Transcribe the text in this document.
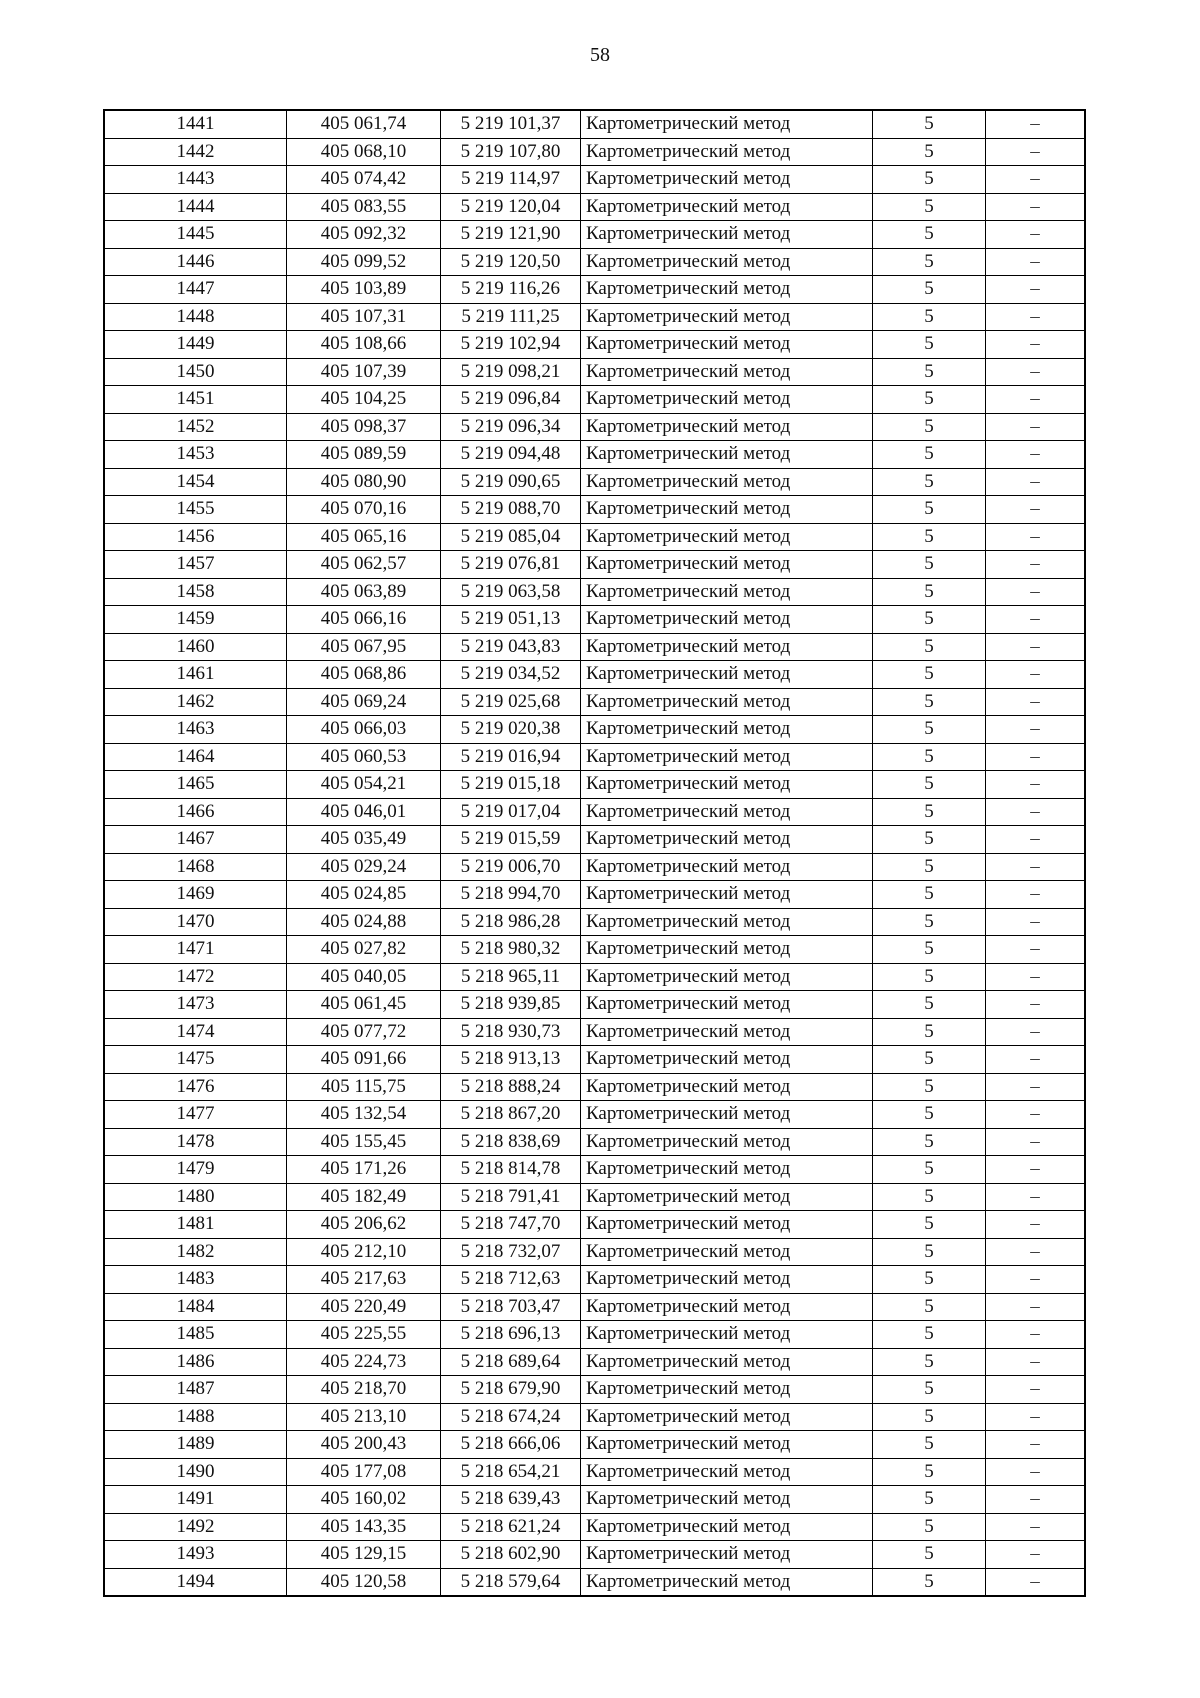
58
1441	405 061,74	5 219 101,37	Картометрический метод	5	–
1442	405 068,10	5 219 107,80	Картометрический метод	5	–
1443	405 074,42	5 219 114,97	Картометрический метод	5	–
1444	405 083,55	5 219 120,04	Картометрический метод	5	–
1445	405 092,32	5 219 121,90	Картометрический метод	5	–
1446	405 099,52	5 219 120,50	Картометрический метод	5	–
1447	405 103,89	5 219 116,26	Картометрический метод	5	–
1448	405 107,31	5 219 111,25	Картометрический метод	5	–
1449	405 108,66	5 219 102,94	Картометрический метод	5	–
1450	405 107,39	5 219 098,21	Картометрический метод	5	–
1451	405 104,25	5 219 096,84	Картометрический метод	5	–
1452	405 098,37	5 219 096,34	Картометрический метод	5	–
1453	405 089,59	5 219 094,48	Картометрический метод	5	–
1454	405 080,90	5 219 090,65	Картометрический метод	5	–
1455	405 070,16	5 219 088,70	Картометрический метод	5	–
1456	405 065,16	5 219 085,04	Картометрический метод	5	–
1457	405 062,57	5 219 076,81	Картометрический метод	5	–
1458	405 063,89	5 219 063,58	Картометрический метод	5	–
1459	405 066,16	5 219 051,13	Картометрический метод	5	–
1460	405 067,95	5 219 043,83	Картометрический метод	5	–
1461	405 068,86	5 219 034,52	Картометрический метод	5	–
1462	405 069,24	5 219 025,68	Картометрический метод	5	–
1463	405 066,03	5 219 020,38	Картометрический метод	5	–
1464	405 060,53	5 219 016,94	Картометрический метод	5	–
1465	405 054,21	5 219 015,18	Картометрический метод	5	–
1466	405 046,01	5 219 017,04	Картометрический метод	5	–
1467	405 035,49	5 219 015,59	Картометрический метод	5	–
1468	405 029,24	5 219 006,70	Картометрический метод	5	–
1469	405 024,85	5 218 994,70	Картометрический метод	5	–
1470	405 024,88	5 218 986,28	Картометрический метод	5	–
1471	405 027,82	5 218 980,32	Картометрический метод	5	–
1472	405 040,05	5 218 965,11	Картометрический метод	5	–
1473	405 061,45	5 218 939,85	Картометрический метод	5	–
1474	405 077,72	5 218 930,73	Картометрический метод	5	–
1475	405 091,66	5 218 913,13	Картометрический метод	5	–
1476	405 115,75	5 218 888,24	Картометрический метод	5	–
1477	405 132,54	5 218 867,20	Картометрический метод	5	–
1478	405 155,45	5 218 838,69	Картометрический метод	5	–
1479	405 171,26	5 218 814,78	Картометрический метод	5	–
1480	405 182,49	5 218 791,41	Картометрический метод	5	–
1481	405 206,62	5 218 747,70	Картометрический метод	5	–
1482	405 212,10	5 218 732,07	Картометрический метод	5	–
1483	405 217,63	5 218 712,63	Картометрический метод	5	–
1484	405 220,49	5 218 703,47	Картометрический метод	5	–
1485	405 225,55	5 218 696,13	Картометрический метод	5	–
1486	405 224,73	5 218 689,64	Картометрический метод	5	–
1487	405 218,70	5 218 679,90	Картометрический метод	5	–
1488	405 213,10	5 218 674,24	Картометрический метод	5	–
1489	405 200,43	5 218 666,06	Картометрический метод	5	–
1490	405 177,08	5 218 654,21	Картометрический метод	5	–
1491	405 160,02	5 218 639,43	Картометрический метод	5	–
1492	405 143,35	5 218 621,24	Картометрический метод	5	–
1493	405 129,15	5 218 602,90	Картометрический метод	5	–
1494	405 120,58	5 218 579,64	Картометрический метод	5	–
